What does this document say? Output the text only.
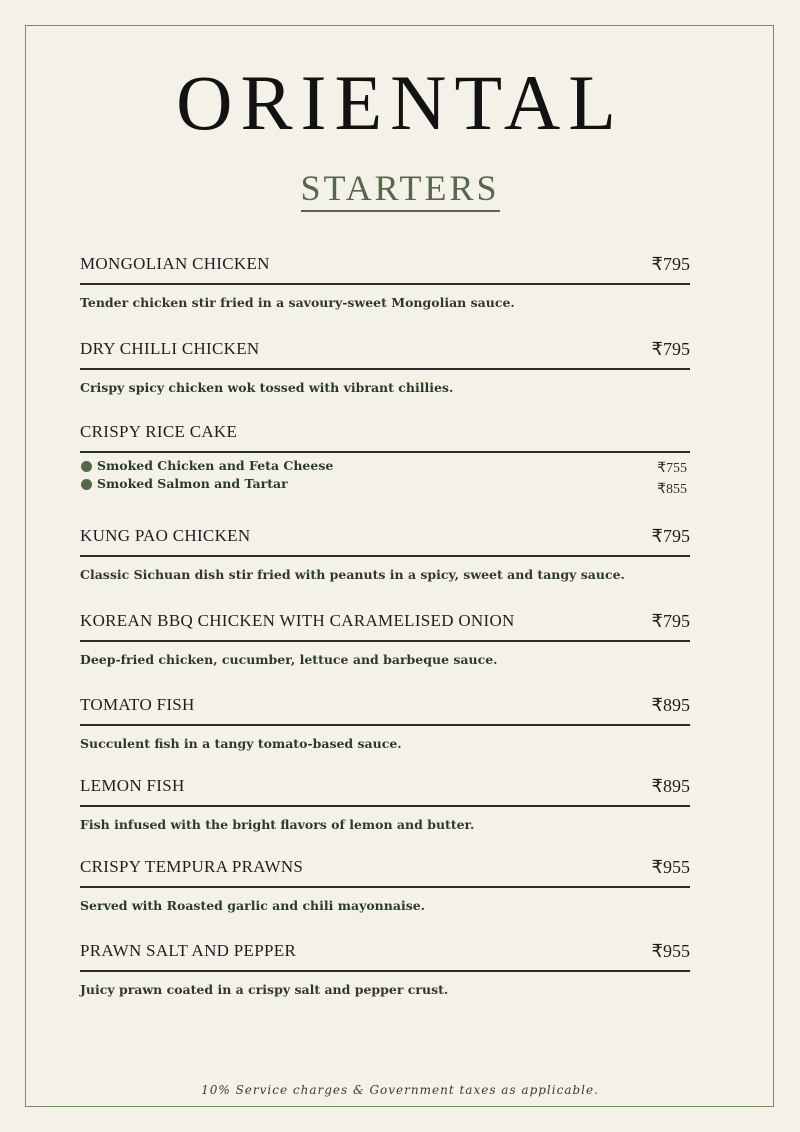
ORIENTAL
STARTERS
MONGOLIAN CHICKEN	₹795
Tender chicken stir fried in a savoury-sweet Mongolian sauce.
DRY CHILLI CHICKEN	₹795
Crispy spicy chicken wok tossed with vibrant chillies.
CRISPY RICE CAKE
Smoked Chicken and Feta Cheese	₹755
Smoked Salmon and Tartar	₹855
KUNG PAO CHICKEN	₹795
Classic Sichuan dish stir fried with peanuts in a spicy, sweet and tangy sauce.
KOREAN BBQ CHICKEN WITH CARAMELISED ONION	₹795
Deep-fried chicken, cucumber, lettuce and barbeque sauce.
TOMATO FISH	₹895
Succulent fish in a tangy tomato-based sauce.
LEMON FISH	₹895
Fish infused with the bright flavors of lemon and butter.
CRISPY TEMPURA PRAWNS	₹955
Served with Roasted garlic and chili mayonnaise.
PRAWN SALT AND PEPPER	₹955
Juicy prawn coated in a crispy salt and pepper crust.
10% Service charges & Government taxes as applicable.
